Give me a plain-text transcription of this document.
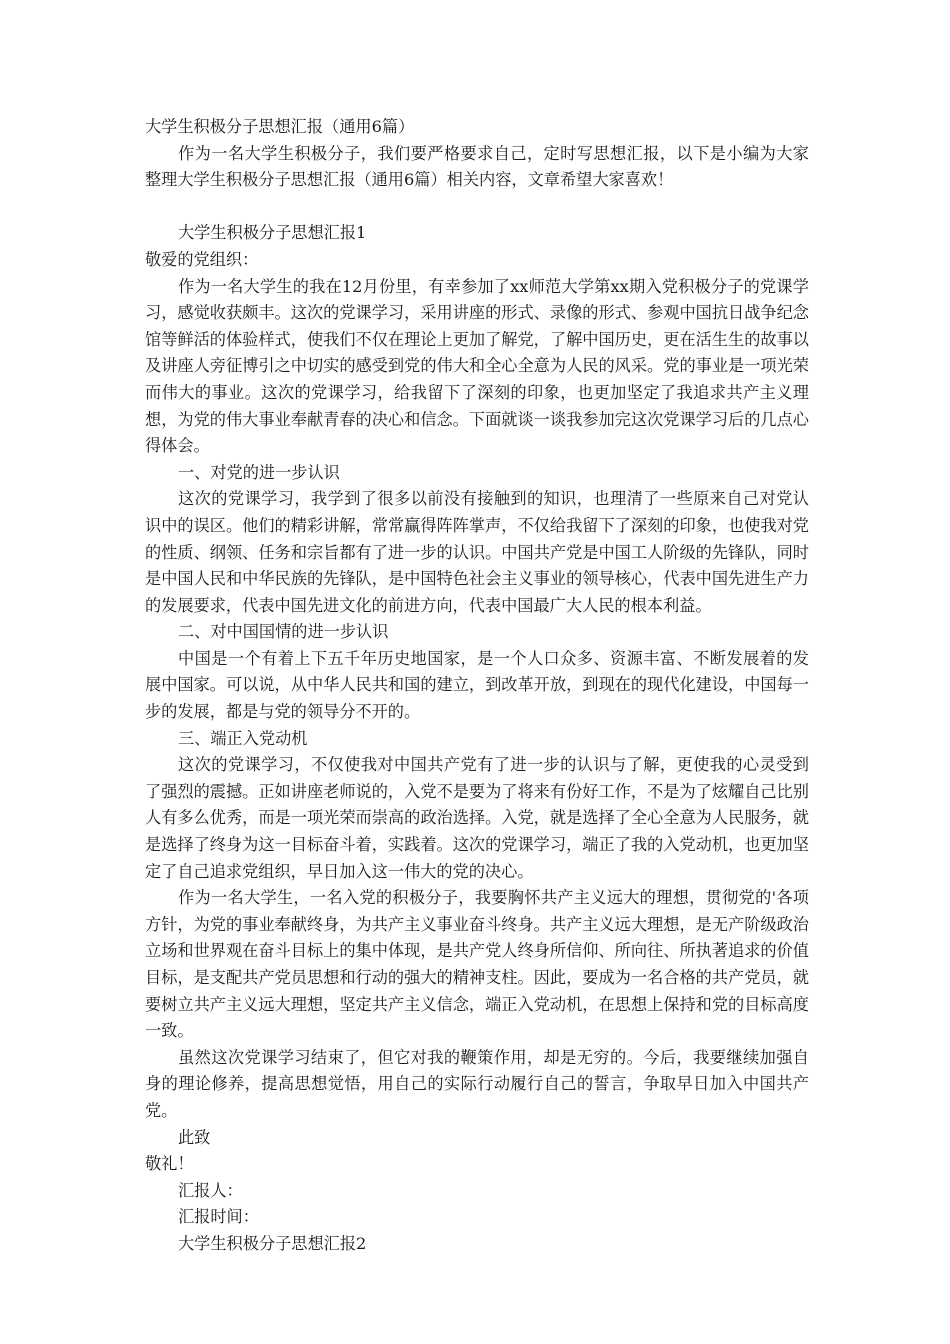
大学生积极分子思想汇报（通用6篇）

作为一名大学生积极分子，我们要严格要求自己，定时写思想汇报，以下是小编为大家整理大学生积极分子思想汇报（通用6篇）相关内容，文章希望大家喜欢！

大学生积极分子思想汇报1

敬爱的党组织：

作为一名大学生的我在12月份里，有幸参加了xx师范大学第xx期入党积极分子的党课学习，感觉收获颇丰。这次的党课学习，采用讲座的形式、录像的形式、参观中国抗日战争纪念馆等鲜活的体验样式，使我们不仅在理论上更加了解党，了解中国历史，更在活生生的故事以及讲座人旁征博引之中切实的感受到党的伟大和全心全意为人民的风采。党的事业是一项光荣而伟大的事业。这次的党课学习，给我留下了深刻的印象，也更加坚定了我追求共产主义理想，为党的伟大事业奉献青春的决心和信念。下面就谈一谈我参加完这次党课学习后的几点心得体会。

一、对党的进一步认识

这次的党课学习，我学到了很多以前没有接触到的知识，也理清了一些原来自己对党认识中的误区。他们的精彩讲解，常常赢得阵阵掌声，不仅给我留下了深刻的印象，也使我对党的性质、纲领、任务和宗旨都有了进一步的认识。中国共产党是中国工人阶级的先锋队，同时是中国人民和中华民族的先锋队，是中国特色社会主义事业的领导核心，代表中国先进生产力的发展要求，代表中国先进文化的前进方向，代表中国最广大人民的根本利益。

二、对中国国情的进一步认识

中国是一个有着上下五千年历史地国家，是一个人口众多、资源丰富、不断发展着的发展中国家。可以说，从中华人民共和国的建立，到改革开放，到现在的现代化建设，中国每一步的发展，都是与党的领导分不开的。

三、端正入党动机

这次的党课学习，不仅使我对中国共产党有了进一步的认识与了解，更使我的心灵受到了强烈的震撼。正如讲座老师说的，入党不是要为了将来有份好工作，不是为了炫耀自己比别人有多么优秀，而是一项光荣而崇高的政治选择。入党，就是选择了全心全意为人民服务，就是选择了终身为这一目标奋斗着，实践着。这次的党课学习，端正了我的入党动机，也更加坚定了自己追求党组织，早日加入这一伟大的党的决心。

作为一名大学生，一名入党的积极分子，我要胸怀共产主义远大的理想，贯彻党的'各项方针，为党的事业奉献终身，为共产主义事业奋斗终身。共产主义远大理想，是无产阶级政治立场和世界观在奋斗目标上的集中体现，是共产党人终身所信仰、所向往、所执著追求的价值目标，是支配共产党员思想和行动的强大的精神支柱。因此，要成为一名合格的共产党员，就要树立共产主义远大理想，坚定共产主义信念，端正入党动机，在思想上保持和党的目标高度一致。

虽然这次党课学习结束了，但它对我的鞭策作用，却是无穷的。今后，我要继续加强自身的理论修养，提高思想觉悟，用自己的实际行动履行自己的誓言，争取早日加入中国共产党。

此致

敬礼！

汇报人：

汇报时间：

大学生积极分子思想汇报2
